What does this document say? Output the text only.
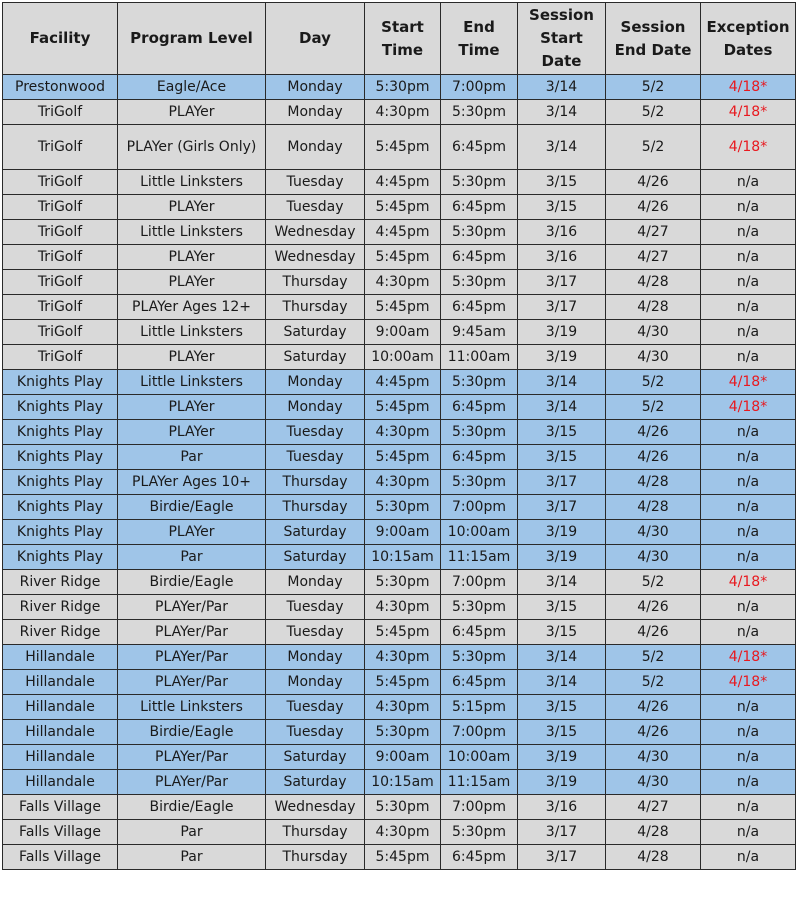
Facility	Program Level	Day	Start Time	End Time	Session Start Date	Session End Date	Exception Dates
Prestonwood	Eagle/Ace	Monday	5:30pm	7:00pm	3/14	5/2	4/18*
TriGolf	PLAYer	Monday	4:30pm	5:30pm	3/14	5/2	4/18*
TriGolf	PLAYer (Girls Only)	Monday	5:45pm	6:45pm	3/14	5/2	4/18*
TriGolf	Little Linksters	Tuesday	4:45pm	5:30pm	3/15	4/26	n/a
TriGolf	PLAYer	Tuesday	5:45pm	6:45pm	3/15	4/26	n/a
TriGolf	Little Linksters	Wednesday	4:45pm	5:30pm	3/16	4/27	n/a
TriGolf	PLAYer	Wednesday	5:45pm	6:45pm	3/16	4/27	n/a
TriGolf	PLAYer	Thursday	4:30pm	5:30pm	3/17	4/28	n/a
TriGolf	PLAYer Ages 12+	Thursday	5:45pm	6:45pm	3/17	4/28	n/a
TriGolf	Little Linksters	Saturday	9:00am	9:45am	3/19	4/30	n/a
TriGolf	PLAYer	Saturday	10:00am	11:00am	3/19	4/30	n/a
Knights Play	Little Linksters	Monday	4:45pm	5:30pm	3/14	5/2	4/18*
Knights Play	PLAYer	Monday	5:45pm	6:45pm	3/14	5/2	4/18*
Knights Play	PLAYer	Tuesday	4:30pm	5:30pm	3/15	4/26	n/a
Knights Play	Par	Tuesday	5:45pm	6:45pm	3/15	4/26	n/a
Knights Play	PLAYer Ages 10+	Thursday	4:30pm	5:30pm	3/17	4/28	n/a
Knights Play	Birdie/Eagle	Thursday	5:30pm	7:00pm	3/17	4/28	n/a
Knights Play	PLAYer	Saturday	9:00am	10:00am	3/19	4/30	n/a
Knights Play	Par	Saturday	10:15am	11:15am	3/19	4/30	n/a
River Ridge	Birdie/Eagle	Monday	5:30pm	7:00pm	3/14	5/2	4/18*
River Ridge	PLAYer/Par	Tuesday	4:30pm	5:30pm	3/15	4/26	n/a
River Ridge	PLAYer/Par	Tuesday	5:45pm	6:45pm	3/15	4/26	n/a
Hillandale	PLAYer/Par	Monday	4:30pm	5:30pm	3/14	5/2	4/18*
Hillandale	PLAYer/Par	Monday	5:45pm	6:45pm	3/14	5/2	4/18*
Hillandale	Little Linksters	Tuesday	4:30pm	5:15pm	3/15	4/26	n/a
Hillandale	Birdie/Eagle	Tuesday	5:30pm	7:00pm	3/15	4/26	n/a
Hillandale	PLAYer/Par	Saturday	9:00am	10:00am	3/19	4/30	n/a
Hillandale	PLAYer/Par	Saturday	10:15am	11:15am	3/19	4/30	n/a
Falls Village	Birdie/Eagle	Wednesday	5:30pm	7:00pm	3/16	4/27	n/a
Falls Village	Par	Thursday	4:30pm	5:30pm	3/17	4/28	n/a
Falls Village	Par	Thursday	5:45pm	6:45pm	3/17	4/28	n/a
